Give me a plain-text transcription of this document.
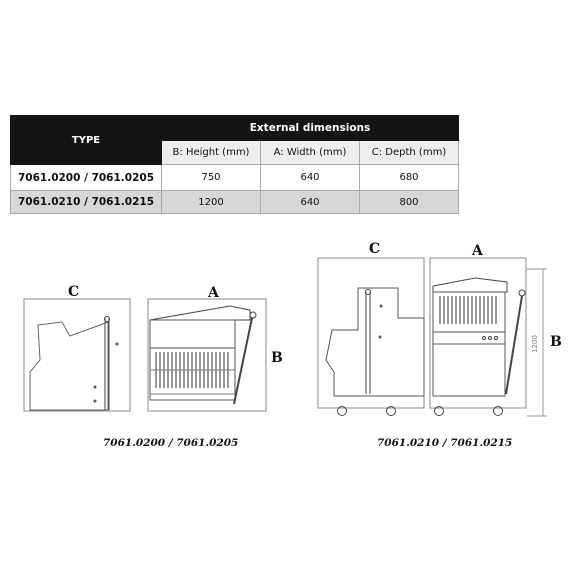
TYPE	External dimensions		
	B: Height (mm)	A: Width (mm)	C: Depth (mm)
7061.0200 / 7061.0205	750	640	680
7061.0210 / 7061.0215	1200	640	800
C	A
B
7061.0200 / 7061.0205
C	A
B
1200
7061.0210 / 7061.0215
